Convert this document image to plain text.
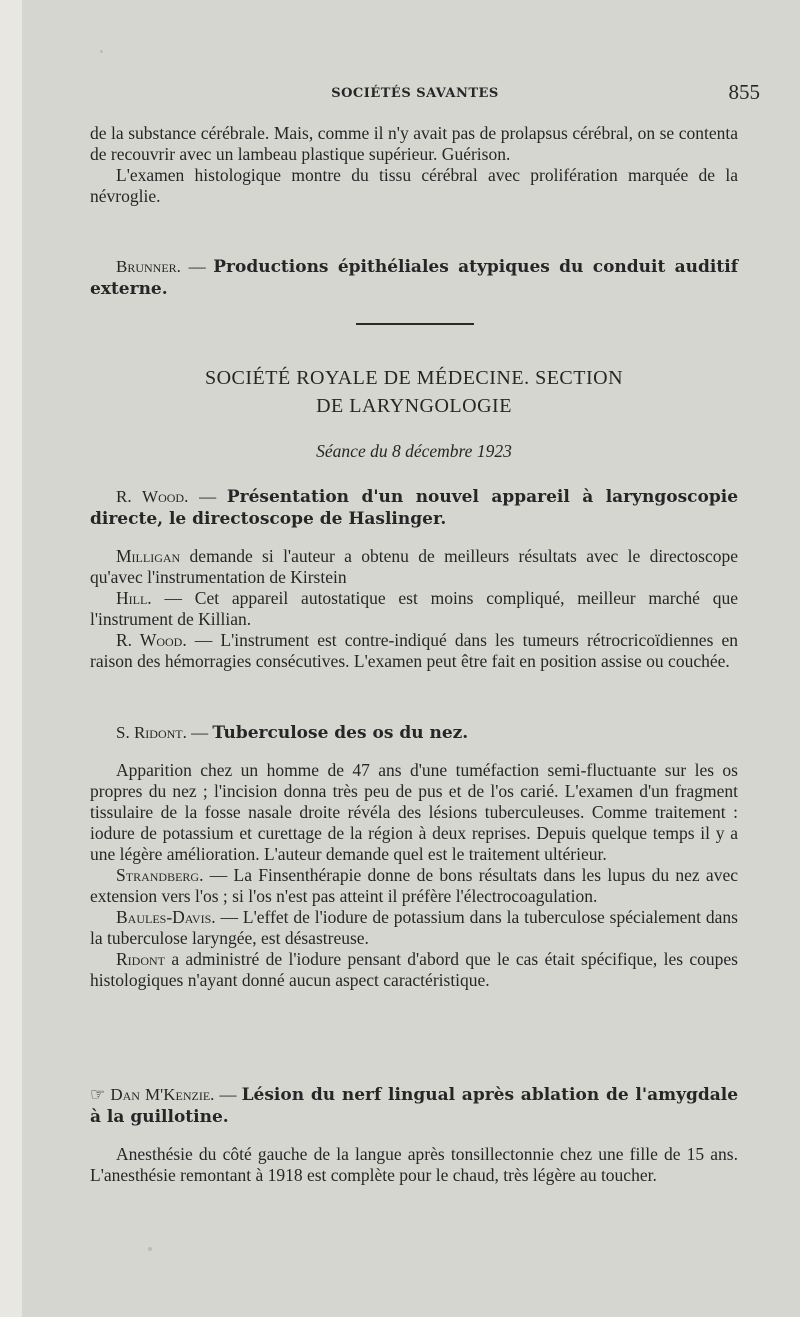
SOCIÉTÉS SAVANTES	855

de la substance cérébrale. Mais, comme il n'y avait pas de prolapsus cérébral, on se contenta de recouvrir avec un lambeau plastique supérieur. Guérison.

L'examen histologique montre du tissu cérébral avec prolifération marquée de la névroglie.

Brunner. — Productions épithéliales atypiques du conduit auditif externe.

SOCIÉTÉ ROYALE DE MÉDECINE. SECTION
DE LARYNGOLOGIE
Séance du 8 décembre 1923

R. Wood. — Présentation d'un nouvel appareil à laryngoscopie directe, le directoscope de Haslinger.

Milligan demande si l'auteur a obtenu de meilleurs résultats avec le directoscope qu'avec l'instrumentation de Kirstein

Hill. — Cet appareil autostatique est moins compliqué, meilleur marché que l'instrument de Killian.

R. Wood. — L'instrument est contre-indiqué dans les tumeurs rétrocricoïdiennes en raison des hémorragies consécutives. L'examen peut être fait en position assise ou couchée.

S. Ridont. — Tuberculose des os du nez.

Apparition chez un homme de 47 ans d'une tuméfaction semi-fluctuante sur les os propres du nez ; l'incision donna très peu de pus et de l'os carié. L'examen d'un fragment tissulaire de la fosse nasale droite révéla des lésions tuberculeuses. Comme traitement : iodure de potassium et curettage de la région à deux reprises. Depuis quelque temps il y a une légère amélioration. L'auteur demande quel est le traitement ultérieur.

Strandberg. — La Finsenthérapie donne de bons résultats dans les lupus du nez avec extension vers l'os ; si l'os n'est pas atteint il préfère l'électrocoagulation.

Baules-Davis. — L'effet de l'iodure de potassium dans la tuberculose spécialement dans la tuberculose laryngée, est désastreuse.

Ridont a administré de l'iodure pensant d'abord que le cas était spécifique, les coupes histologiques n'ayant donné aucun aspect caractéristique.

☞ Dan M'Kenzie. — Lésion du nerf lingual après ablation de l'amygdale à la guillotine.

Anesthésie du côté gauche de la langue après tonsillectonnie chez une fille de 15 ans. L'anesthésie remontant à 1918 est complète pour le chaud, très légère au toucher.
